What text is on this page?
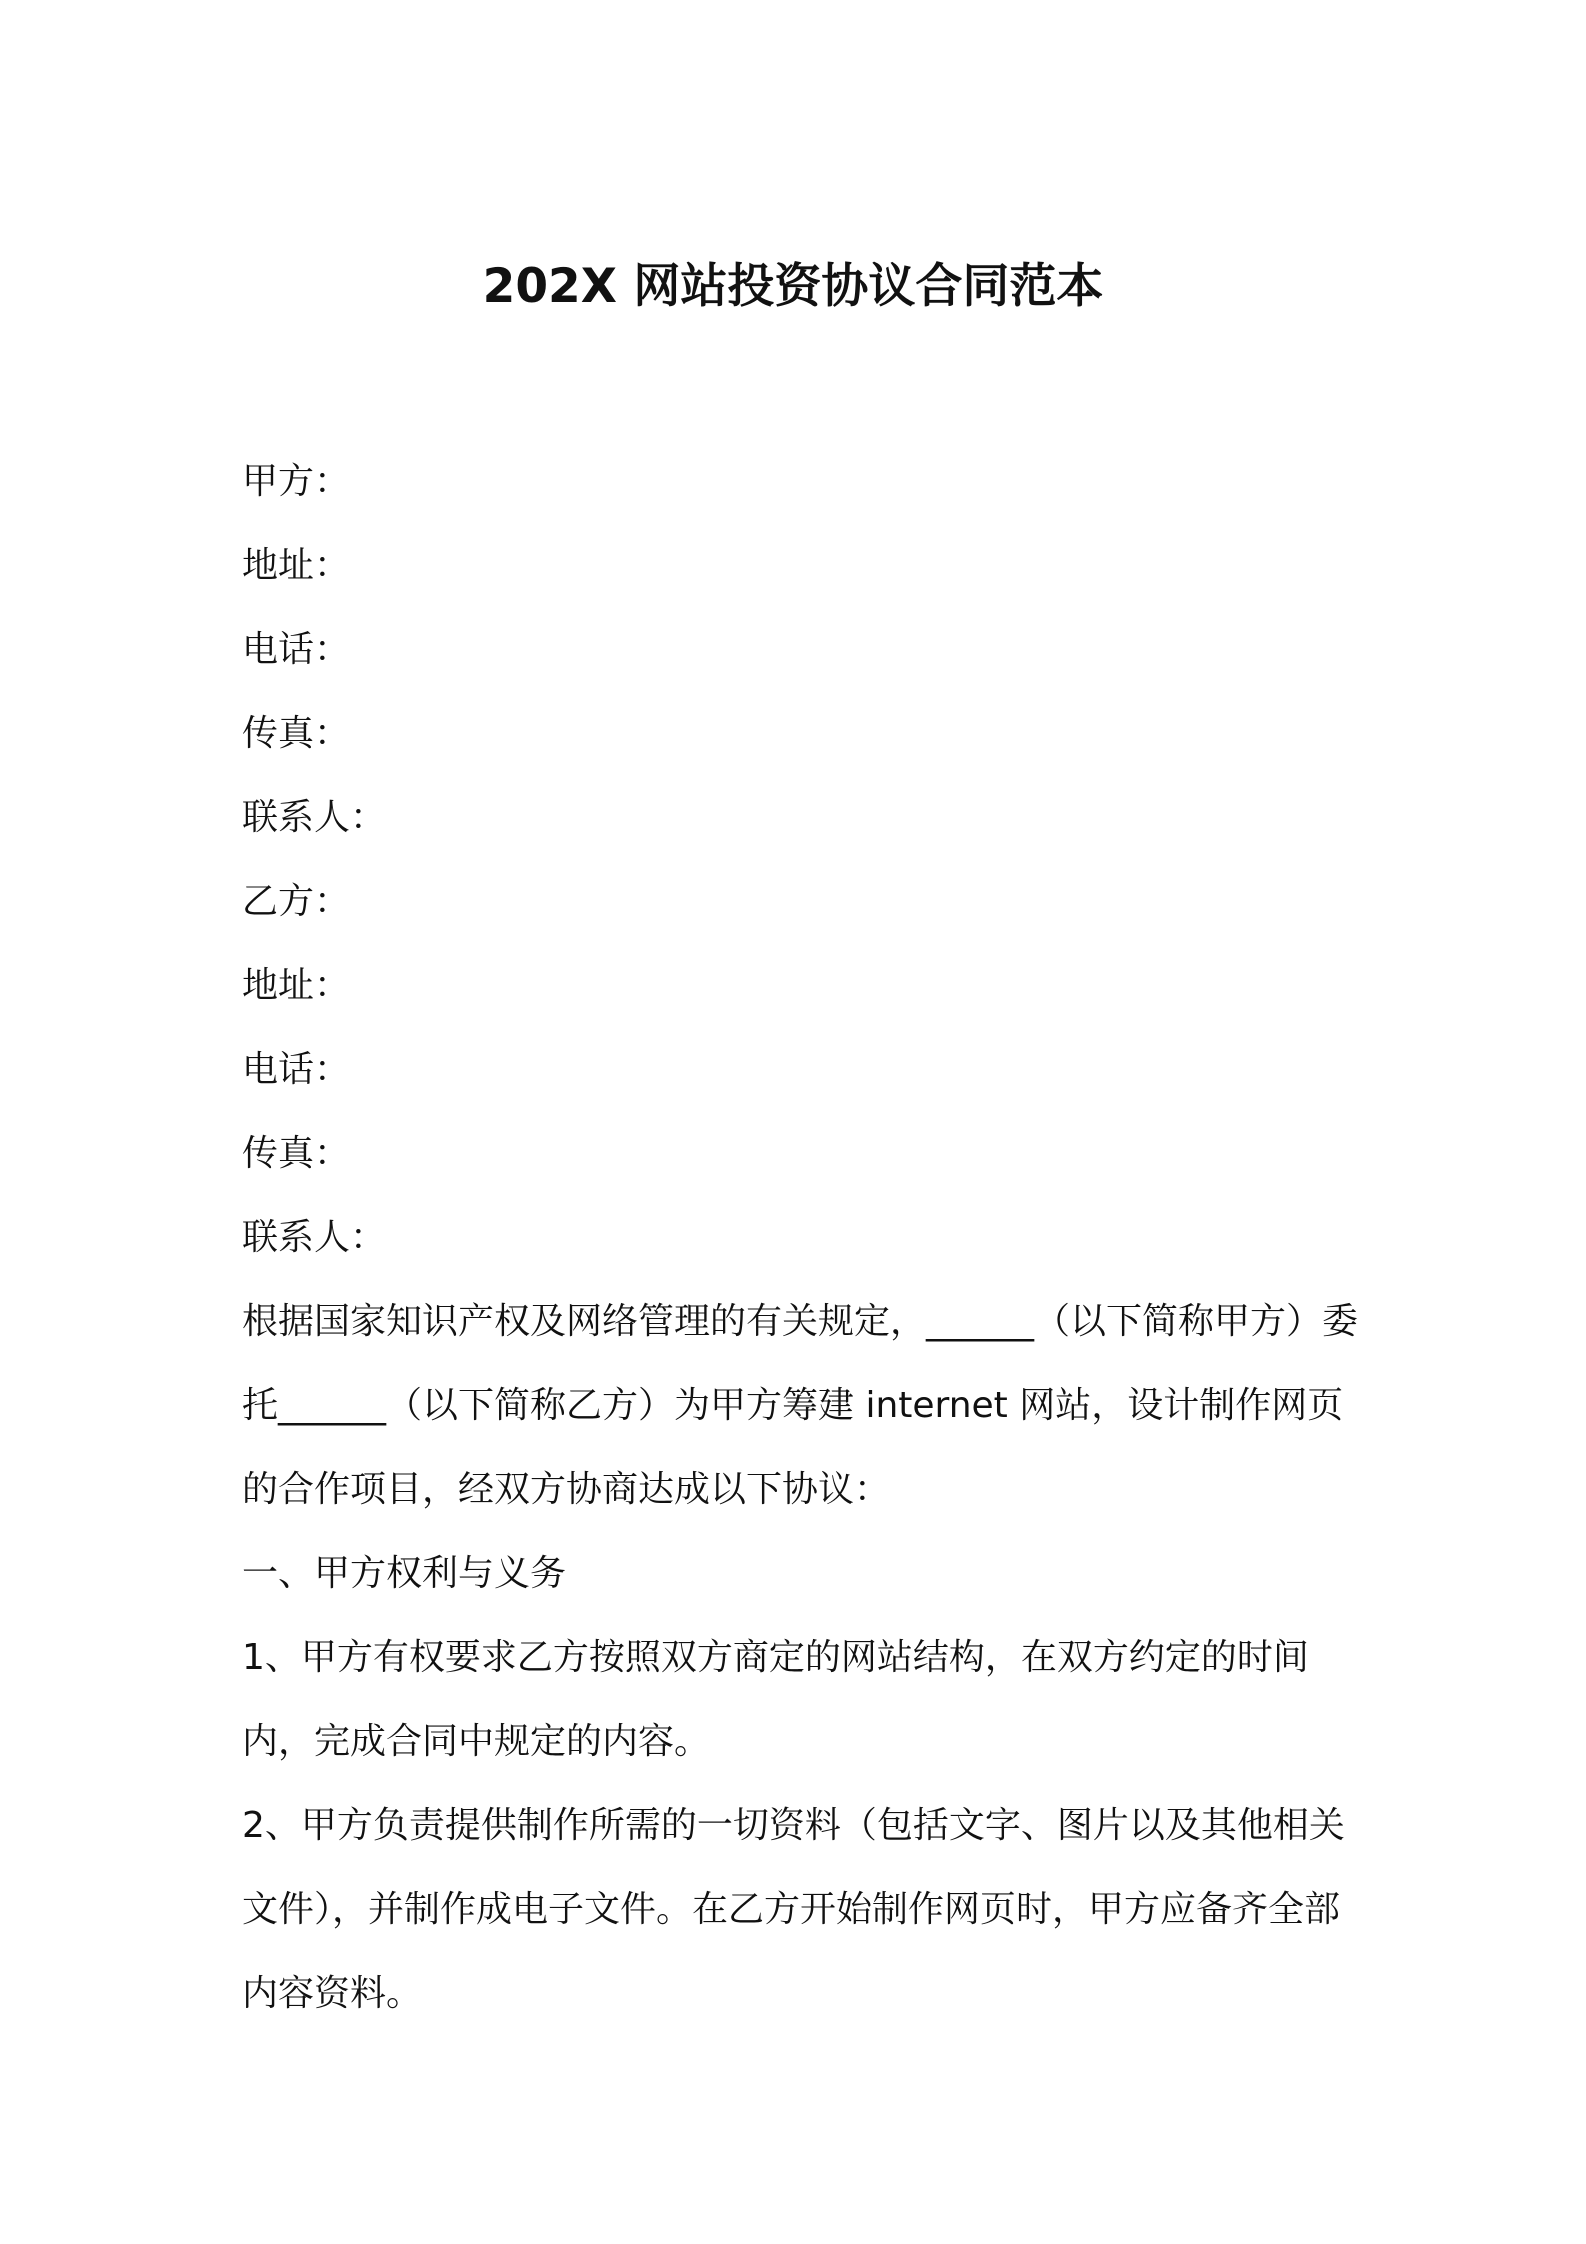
202X 网站投资协议合同范本
甲方：
地址：
电话：
传真：
联系人：
乙方：
地址：
电话：
传真：
联系人：
根据国家知识产权及网络管理的有关规定，______（以下简称甲方）委托______（以下简称乙方）为甲方筹建 internet 网站，设计制作网页的合作项目，经双方协商达成以下协议：
一、甲方权利与义务
1、甲方有权要求乙方按照双方商定的网站结构，在双方约定的时间内，完成合同中规定的内容。
2、甲方负责提供制作所需的一切资料（包括文字、图片以及其他相关文件），并制作成电子文件。在乙方开始制作网页时，甲方应备齐全部内容资料。
